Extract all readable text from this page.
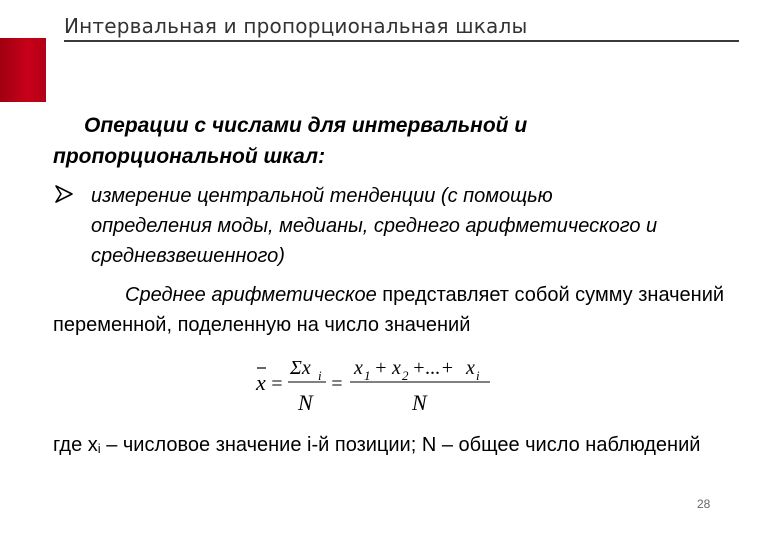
Интервальная и пропорциональная шкалы
Операции с числами для интервальной и пропорциональной шкал:
измерение центральной тенденции (с помощью
определения моды, медианы, среднего арифметического и
средневзвешенного)
Среднее арифметическое представляет собой сумму значений переменной, поделенную на число значений
x =
Σx i
N
=
x 1 + x 2 +...+ x i
N
где $x_i$ – числовое значение i-й позиции; N – общее число наблюдений
28
